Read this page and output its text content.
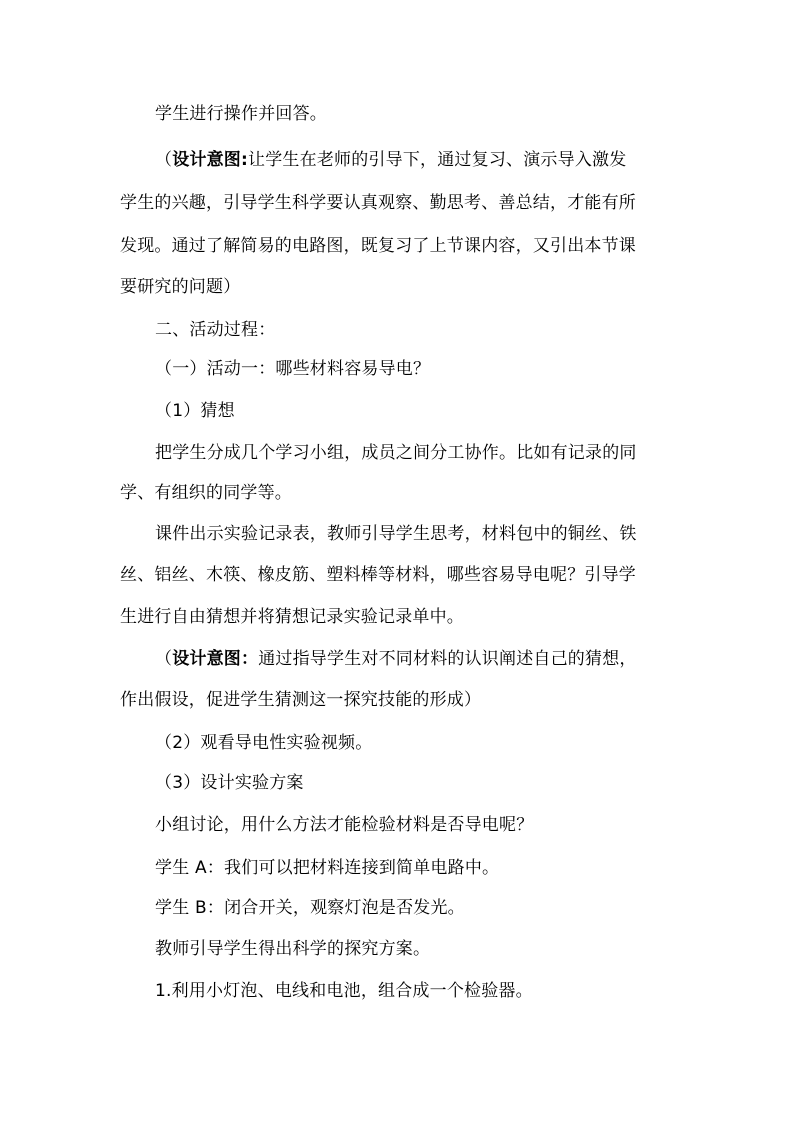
学生进行操作并回答。
（设计意图:让学生在老师的引导下，通过复习、演示导入激发
学生的兴趣，引导学生科学要认真观察、勤思考、善总结，才能有所
发现。通过了解简易的电路图，既复习了上节课内容，又引出本节课
要研究的问题）
二、活动过程：
（一）活动一：哪些材料容易导电？
（1）猜想
把学生分成几个学习小组，成员之间分工协作。比如有记录的同
学、有组织的同学等。
课件出示实验记录表，教师引导学生思考，材料包中的铜丝、铁
丝、铝丝、木筷、橡皮筋、塑料棒等材料，哪些容易导电呢？引导学
生进行自由猜想并将猜想记录实验记录单中。
（设计意图：通过指导学生对不同材料的认识阐述自己的猜想，
作出假设，促进学生猜测这一探究技能的形成）
（2）观看导电性实验视频。
（3）设计实验方案
小组讨论，用什么方法才能检验材料是否导电呢？
学生 A：我们可以把材料连接到简单电路中。
学生 B：闭合开关，观察灯泡是否发光。
教师引导学生得出科学的探究方案。
1.利用小灯泡、电线和电池，组合成一个检验器。
